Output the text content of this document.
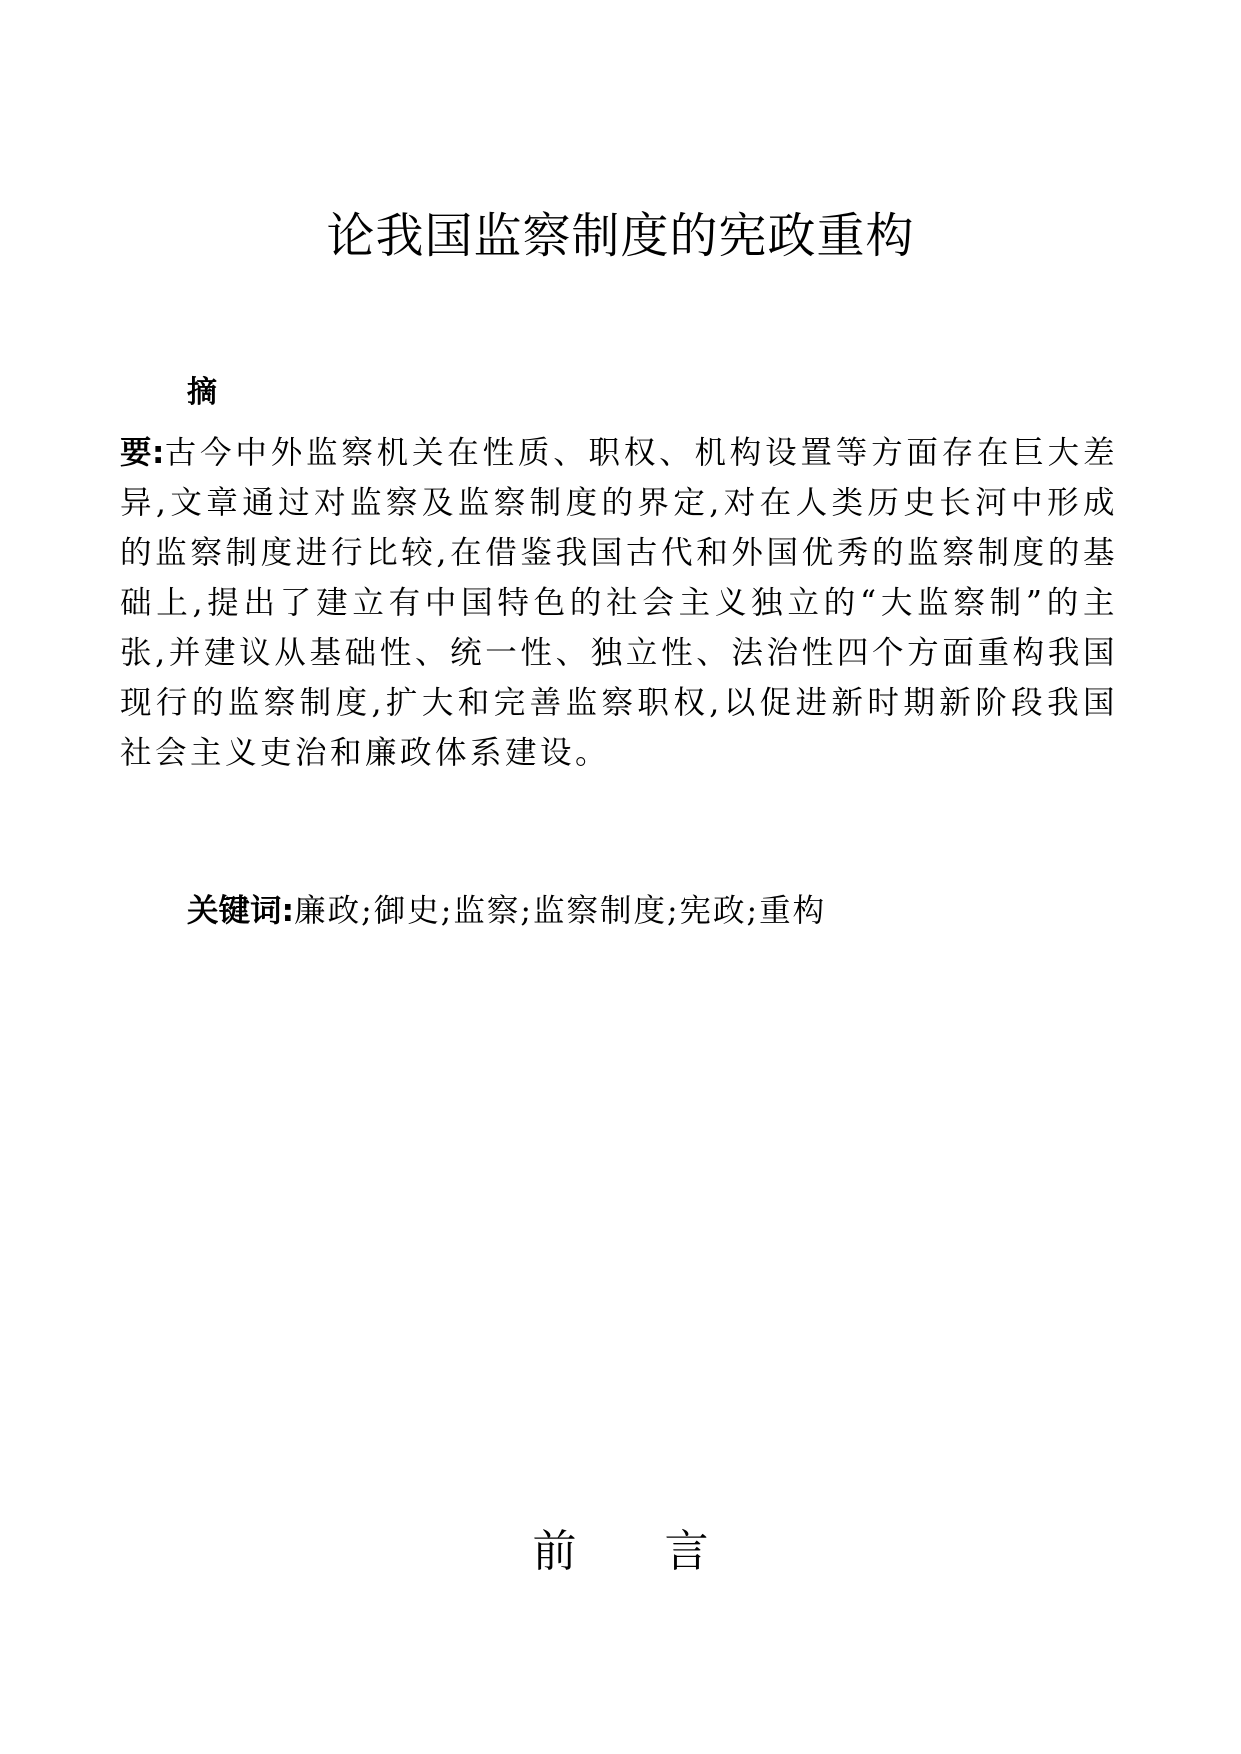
论我国监察制度的宪政重构
摘

要:古今中外监察机关在性质、职权、机构设置等方面存在巨大差异,文章通过对监察及监察制度的界定,对在人类历史长河中形成的监察制度进行比较,在借鉴我国古代和外国优秀的监察制度的基础上,提出了建立有中国特色的社会主义独立的“大监察制”的主张,并建议从基础性、统一性、独立性、法治性四个方面重构我国现行的监察制度,扩大和完善监察职权,以促进新时期新阶段我国社会主义吏治和廉政体系建设。

关键词:廉政;御史;监察;监察制度;宪政;重构
前　　言
